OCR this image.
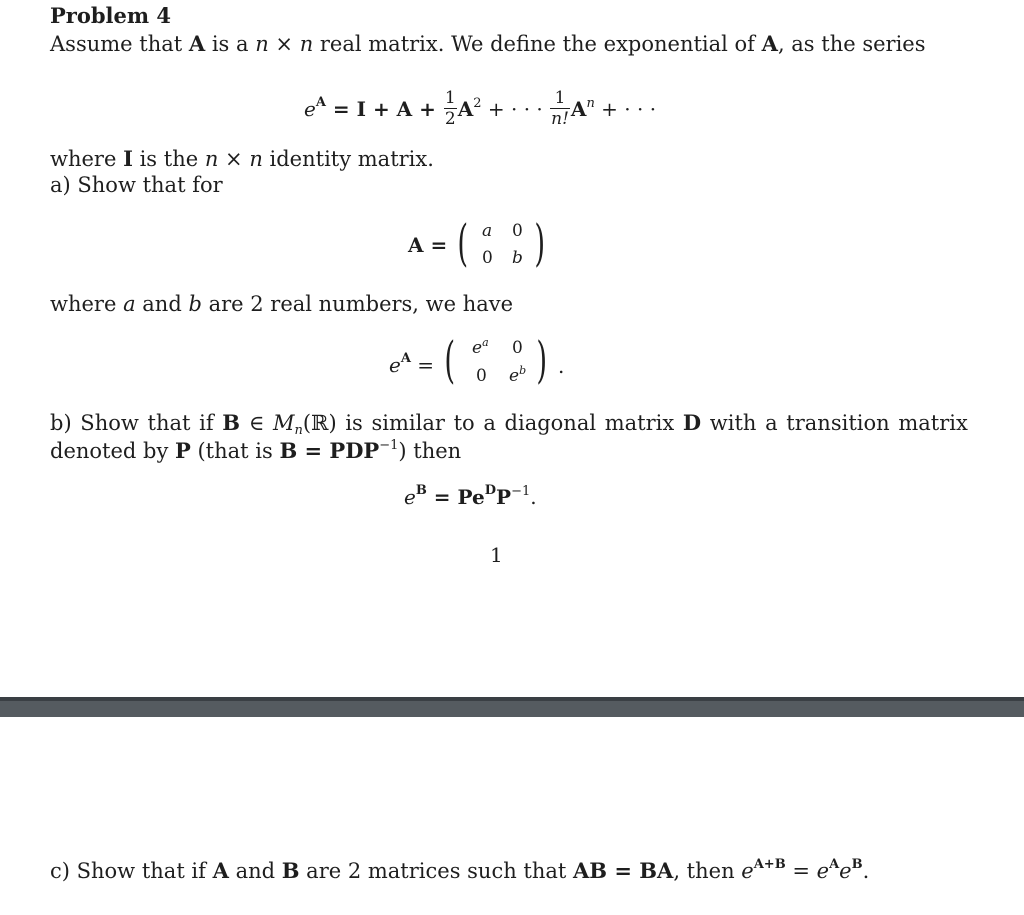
Problem 4
Assume that A is a n × n real matrix. We define the exponential of A, as the series
$e^A = I + A + \frac{1}{2} A^2$ + · · · $\frac{1}{n!} A^n$ + · · ·
where I is the n × n identity matrix.
a) Show that for
A = ( a 0
0 b )
where a and b are 2 real numbers, we have
$e^A$ = ( $e^a$ 0
0 $e^b$ ) .
b) Show that if B ∈ Mn(ℝ) is similar to a diagonal matrix D with a transition matrix
denoted by P (that is $B = PDP^{-1}$) then
$e^B = Pe^DP^{-1}$.
1
c) Show that if A and B are 2 matrices such that AB = BA, then $e^{A+B} = e^Ae^B$.
